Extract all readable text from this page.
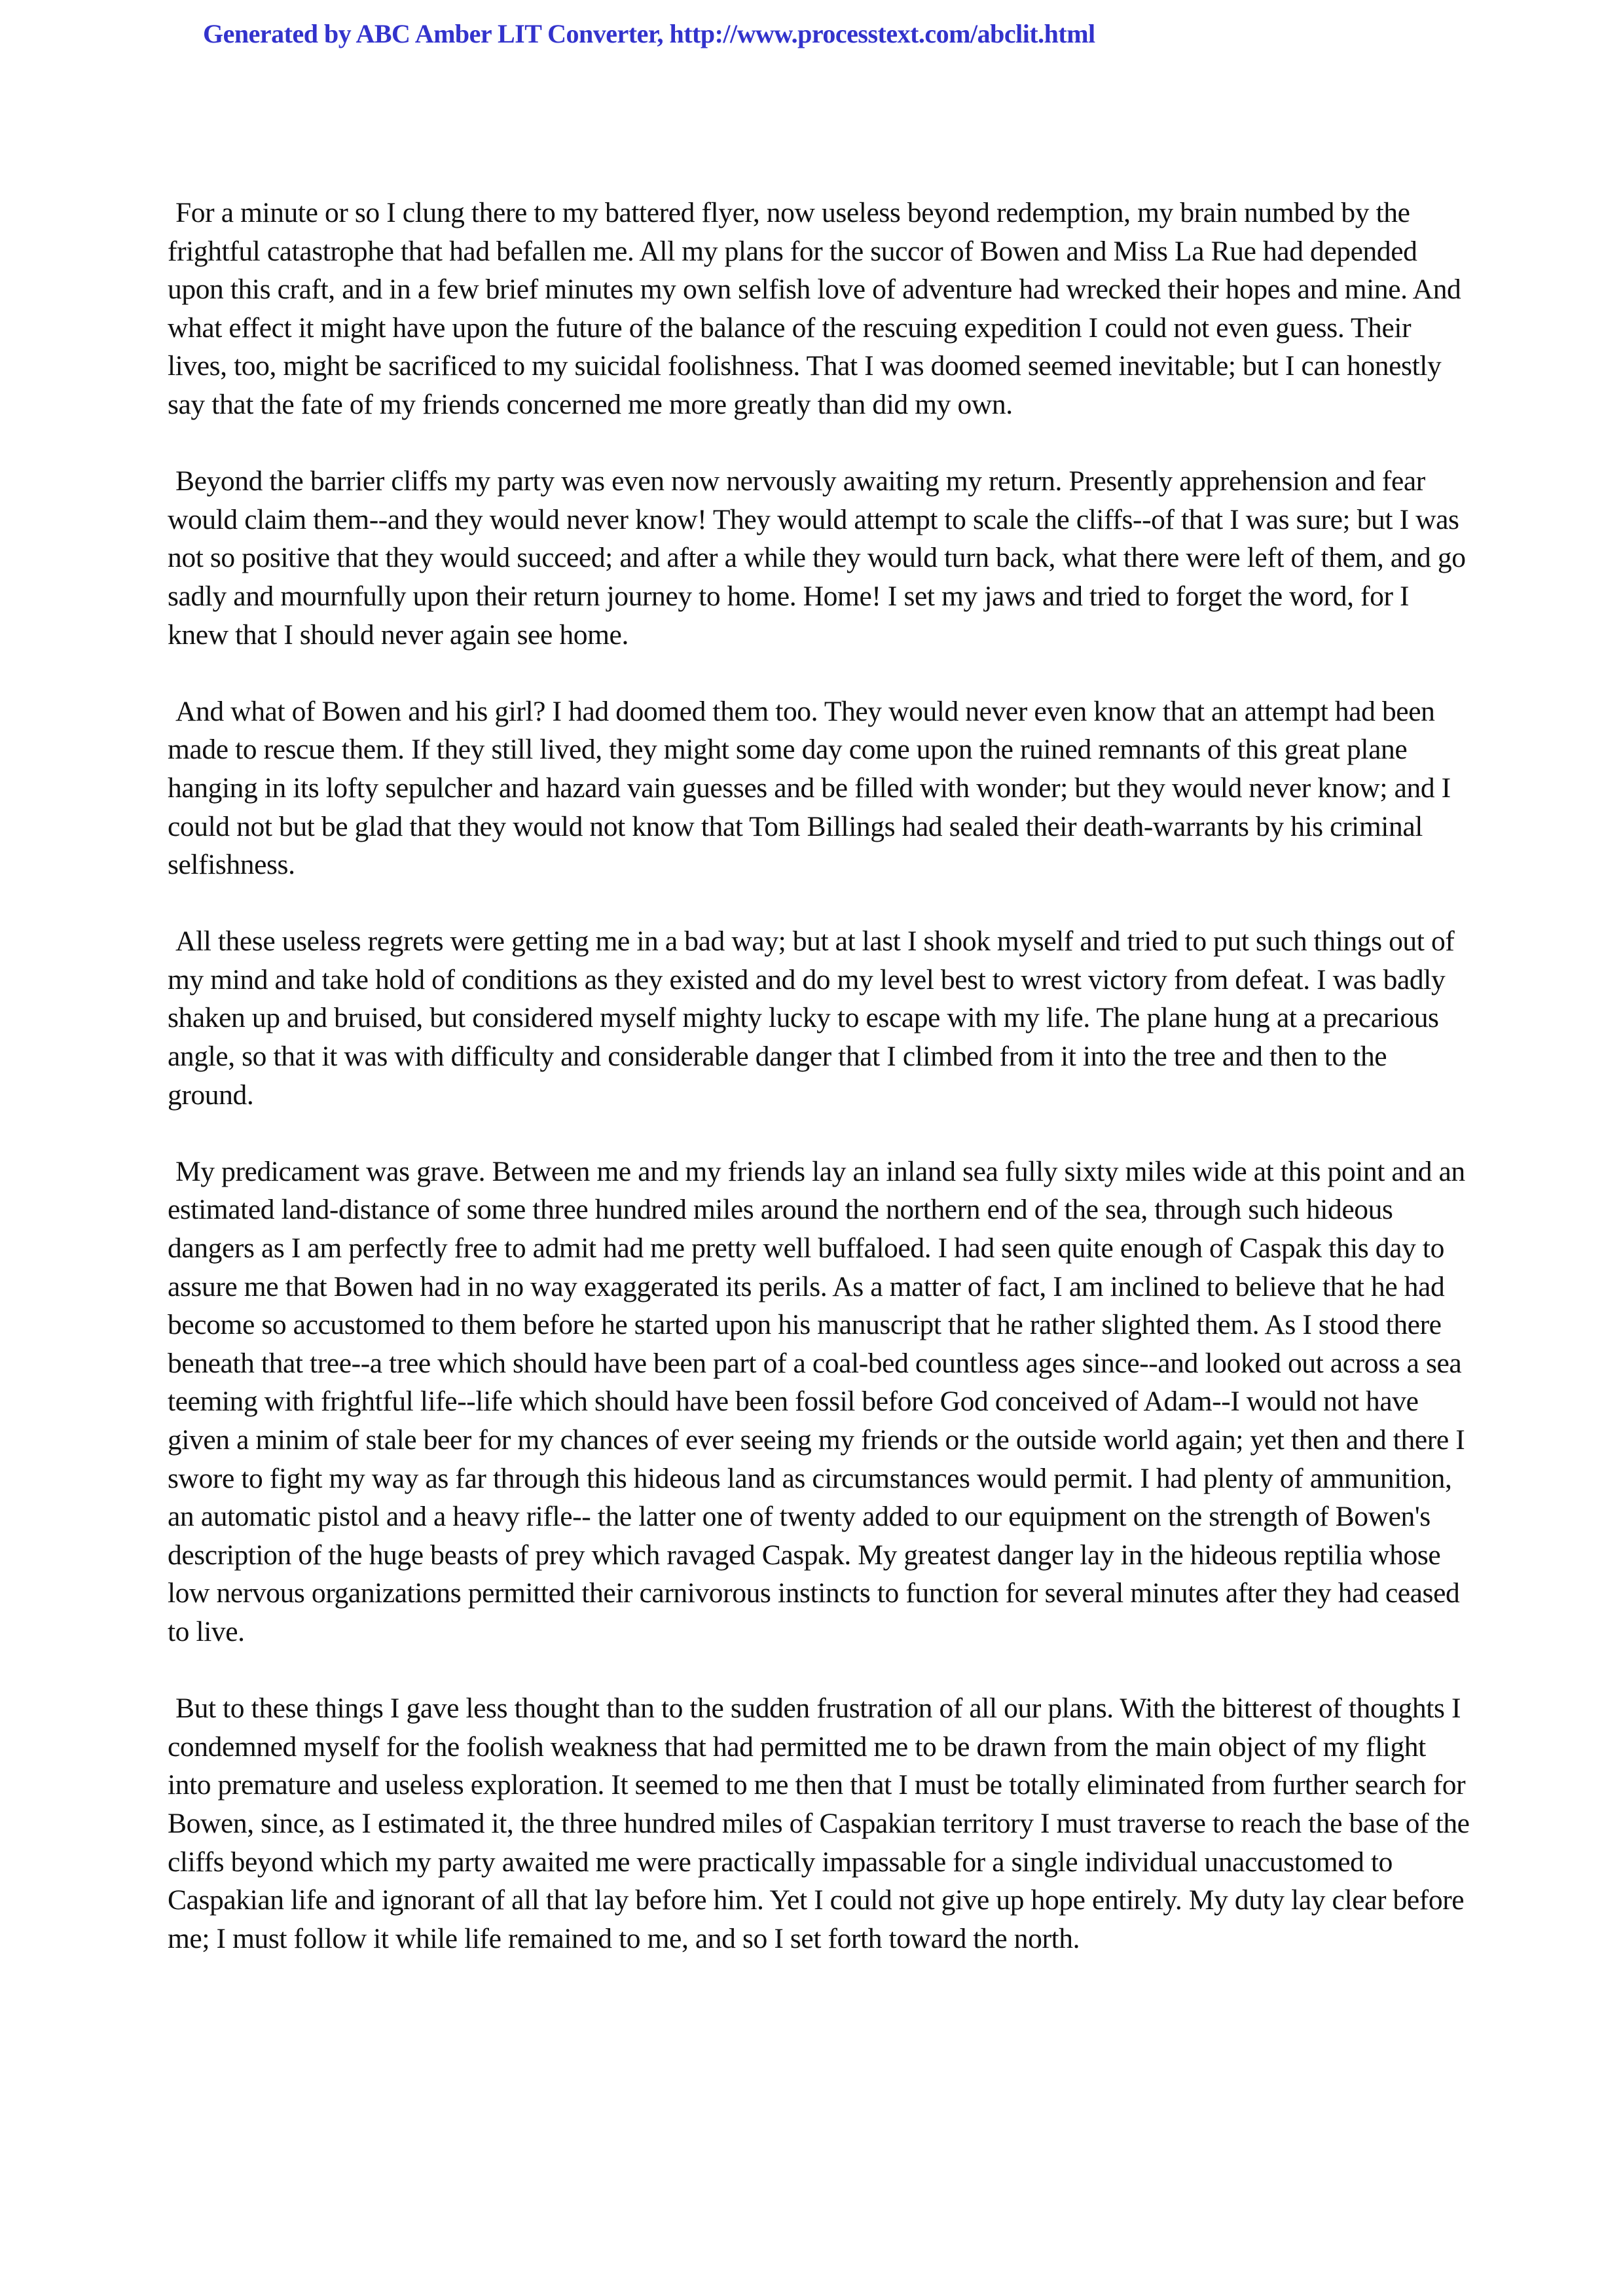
Generated by ABC Amber LIT Converter, http://www.processtext.com/abclit.html

For a minute or so I clung there to my battered flyer, now useless beyond redemption, my brain numbed by the frightful catastrophe that had befallen me. All my plans for the succor of Bowen and Miss La Rue had depended upon this craft, and in a few brief minutes my own selfish love of adventure had wrecked their hopes and mine. And what effect it might have upon the future of the balance of the rescuing expedition I could not even guess. Their lives, too, might be sacrificed to my suicidal foolishness. That I was doomed seemed inevitable; but I can honestly say that the fate of my friends concerned me more greatly than did my own.

Beyond the barrier cliffs my party was even now nervously awaiting my return. Presently apprehension and fear would claim them--and they would never know! They would attempt to scale the cliffs--of that I was sure; but I was not so positive that they would succeed; and after a while they would turn back, what there were left of them, and go sadly and mournfully upon their return journey to home. Home! I set my jaws and tried to forget the word, for I knew that I should never again see home.

And what of Bowen and his girl? I had doomed them too. They would never even know that an attempt had been made to rescue them. If they still lived, they might some day come upon the ruined remnants of this great plane hanging in its lofty sepulcher and hazard vain guesses and be filled with wonder; but they would never know; and I could not but be glad that they would not know that Tom Billings had sealed their death-warrants by his criminal selfishness.

All these useless regrets were getting me in a bad way; but at last I shook myself and tried to put such things out of my mind and take hold of conditions as they existed and do my level best to wrest victory from defeat. I was badly shaken up and bruised, but considered myself mighty lucky to escape with my life. The plane hung at a precarious angle, so that it was with difficulty and considerable danger that I climbed from it into the tree and then to the ground.

My predicament was grave. Between me and my friends lay an inland sea fully sixty miles wide at this point and an estimated land-distance of some three hundred miles around the northern end of the sea, through such hideous dangers as I am perfectly free to admit had me pretty well buffaloed. I had seen quite enough of Caspak this day to assure me that Bowen had in no way exaggerated its perils. As a matter of fact, I am inclined to believe that he had become so accustomed to them before he started upon his manuscript that he rather slighted them. As I stood there beneath that tree--a tree which should have been part of a coal-bed countless ages since--and looked out across a sea teeming with frightful life--life which should have been fossil before God conceived of Adam--I would not have given a minim of stale beer for my chances of ever seeing my friends or the outside world again; yet then and there I swore to fight my way as far through this hideous land as circumstances would permit. I had plenty of ammunition, an automatic pistol and a heavy rifle-- the latter one of twenty added to our equipment on the strength of Bowen's description of the huge beasts of prey which ravaged Caspak. My greatest danger lay in the hideous reptilia whose low nervous organizations permitted their carnivorous instincts to function for several minutes after they had ceased to live.

But to these things I gave less thought than to the sudden frustration of all our plans. With the bitterest of thoughts I condemned myself for the foolish weakness that had permitted me to be drawn from the main object of my flight into premature and useless exploration. It seemed to me then that I must be totally eliminated from further search for Bowen, since, as I estimated it, the three hundred miles of Caspakian territory I must traverse to reach the base of the cliffs beyond which my party awaited me were practically impassable for a single individual unaccustomed to Caspakian life and ignorant of all that lay before him. Yet I could not give up hope entirely. My duty lay clear before me; I must follow it while life remained to me, and so I set forth toward the north.
